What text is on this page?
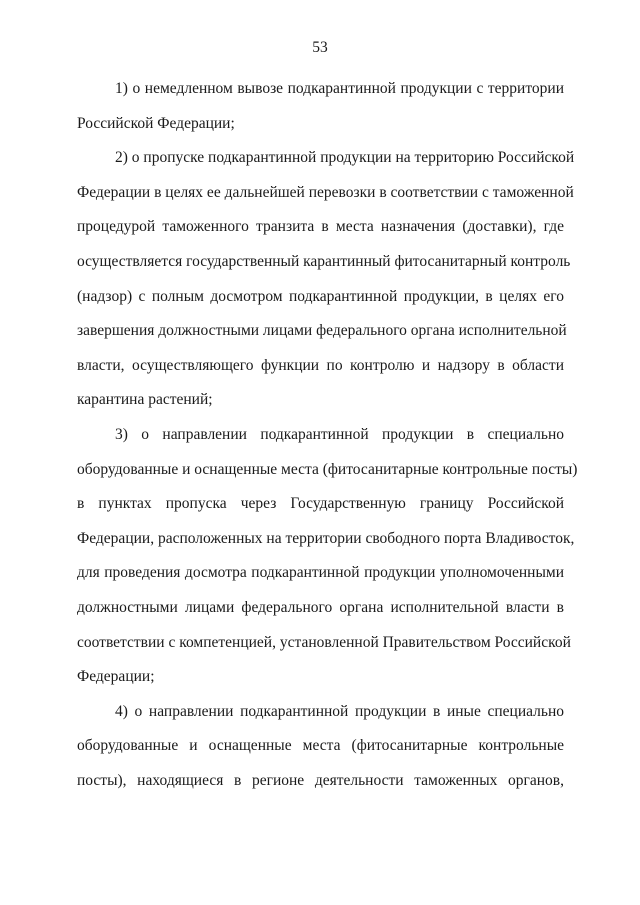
53
1) о немедленном вывозе подкарантинной продукции с территории
Российской Федерации;
2) о пропуске подкарантинной продукции на территорию Российской
Федерации в целях ее дальнейшей перевозки в соответствии с таможенной
процедурой таможенного транзита в места назначения (доставки), где
осуществляется государственный карантинный фитосанитарный контроль
(надзор) с полным досмотром подкарантинной продукции, в целях его
завершения должностными лицами федерального органа исполнительной
власти, осуществляющего функции по контролю и надзору в области
карантина растений;
3) о направлении подкарантинной продукции в специально
оборудованные и оснащенные места (фитосанитарные контрольные посты)
в пунктах пропуска через Государственную границу Российской
Федерации, расположенных на территории свободного порта Владивосток,
для проведения досмотра подкарантинной продукции уполномоченными
должностными лицами федерального органа исполнительной власти в
соответствии с компетенцией, установленной Правительством Российской
Федерации;
4) о направлении подкарантинной продукции в иные специально
оборудованные и оснащенные места (фитосанитарные контрольные
посты), находящиеся в регионе деятельности таможенных органов,
